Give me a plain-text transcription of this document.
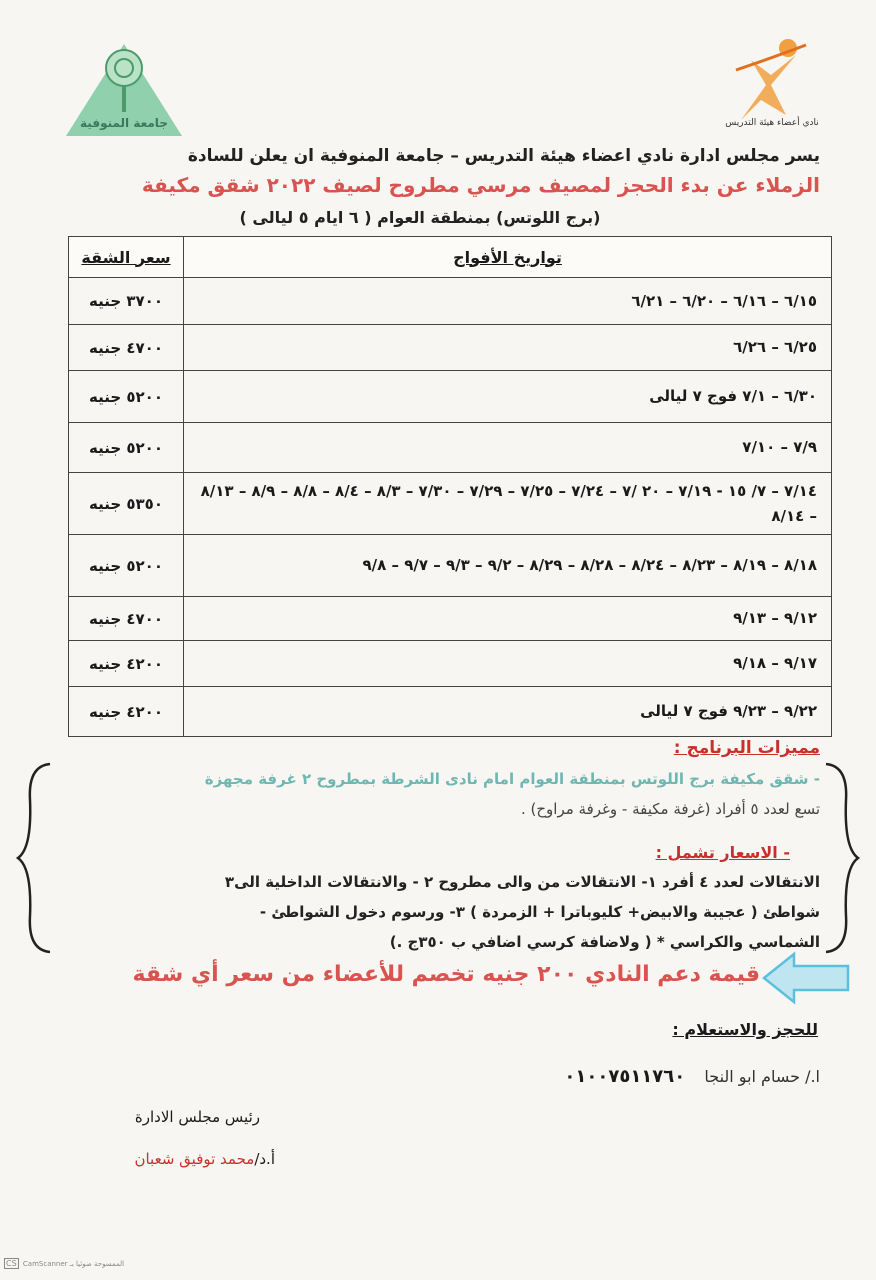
نادي أعضاء هيئة التدريس
جامعة المنوفية
يسر مجلس ادارة نادي اعضاء هيئة التدريس – جامعة المنوفية ان يعلن للسادة
الزملاء عن بدء الحجز لمصيف مرسي مطروح لصيف ٢٠٢٢ شقق مكيفة
(برج اللوتس) بمنطقة العوام ( ٦ ايام ٥ ليالى )
تواريخ الأفواج	سعر الشقة
٦/١٥ – ٦/١٦ – ٦/٢٠ – ٦/٢١	٣٧٠٠ جنيه
٦/٢٥ – ٦/٢٦	٤٧٠٠ جنيه
٦/٣٠ – ٧/١ فوج ٧ ليالى	٥٢٠٠ جنيه
٧/٩ – ٧/١٠	٥٢٠٠ جنيه
٧/١٤ – ٧/ ١٥ - ٧/١٩ – ٢٠ /٧ – ٧/٢٤ – ٧/٢٥ – ٧/٢٩ – ٧/٣٠ – ٨/٣ – ٨/٤ – ٨/٨ – ٨/٩ – ٨/١٣ – ٨/١٤	٥٣٥٠ جنيه
٨/١٨ – ٨/١٩ – ٨/٢٣ – ٨/٢٤ – ٨/٢٨ – ٨/٢٩ – ٩/٢ – ٩/٣ – ٩/٧ – ٩/٨	٥٢٠٠ جنيه
٩/١٢ – ٩/١٣	٤٧٠٠ جنيه
٩/١٧ – ٩/١٨	٤٢٠٠ جنيه
٩/٢٢ – ٩/٢٣ فوج ٧ ليالى	٤٢٠٠ جنيه
مميزات البرنامج :
- شقق مكيفة برج اللوتس بمنطقة العوام امام نادى الشرطة بمطروح ٢ غرفة مجهزة
تسع لعدد ٥ أفراد (غرفة مكيفة - وغرفة مراوح) .
- الاسعار تشمل :
الانتقالات لعدد ٤ أفرد ١- الانتقالات من والى مطروح ٢ - والانتقالات الداخلية الى٣
شواطئ ( عجيبة والابيض+ كليوباترا + الزمردة ) ٣- ورسوم دخول الشواطئ -
الشماسي والكراسي * ( ولاضافة كرسي اضافي ب ٣٥٠ج .)
قيمة دعم النادي ٢٠٠ جنيه تخصم للأعضاء من سعر أي شقة
للحجز والاستعلام :
ا./ حسام ابو النجا ٠١٠٠٧٥١١٧٦٠
رئيس مجلس الادارة
أ.د/محمد توفيق شعبان
CS CamScanner الممسوحة ضوئيا بـ
